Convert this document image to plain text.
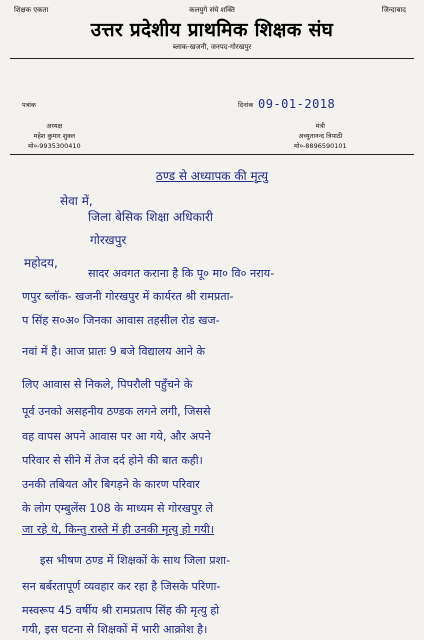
शिक्षक एकता	कलयुगे संघे शक्ति	जिन्दाबाद
उत्तर प्रदेशीय प्राथमिक शिक्षक संघ
ब्लाक-खजनी, जनपद-गोरखपुर
पत्रांक	दिनांक 09-01-2018
अध्यक्ष
महेश कुमार शुक्ल
मो०-9935300410
मंत्री
अच्युतानन्द त्रिपाठी
मो०-8896590101
ठण्ड से अध्यापक की मृत्यु
सेवा में,
जिला बेसिक शिक्षा अधिकारी
गोरखपुर
महोदय,
सादर अवगत कराना है कि पू० मा० वि० नराय-
णपुर ब्लॉक- खजनी गोरखपुर में कार्यरत श्री रामप्रता-
प सिंह स०अ० जिनका आवास तहसील रोड खज-
नवां में है। आज प्रातः 9 बजे विद्यालय आने के
लिए आवास से निकले, पिपरौली पहुँचने के
पूर्व उनको असहनीय ठण्डक लगने लगी, जिससे
वह वापस अपने आवास पर आ गये, और अपने
परिवार से सीने में तेज दर्द होने की बात कही।
उनकी तबियत और बिगड़ने के कारण परिवार
के लोग एम्बुलेंस 108 के माध्यम से गोरखपुर ले
जा रहे थे, किन्तु रास्ते में ही उनकी मृत्यु हो गयी।
इस भीषण ठण्ड में शिक्षकों के साथ जिला प्रशा-
सन बर्बरतापूर्ण व्यवहार कर रहा है जिसके परिणा-
मस्वरूप 45 वर्षीय श्री रामप्रताप सिंह की मृत्यु हो
गयी, इस घटना से शिक्षकों में भारी आक्रोश है।
